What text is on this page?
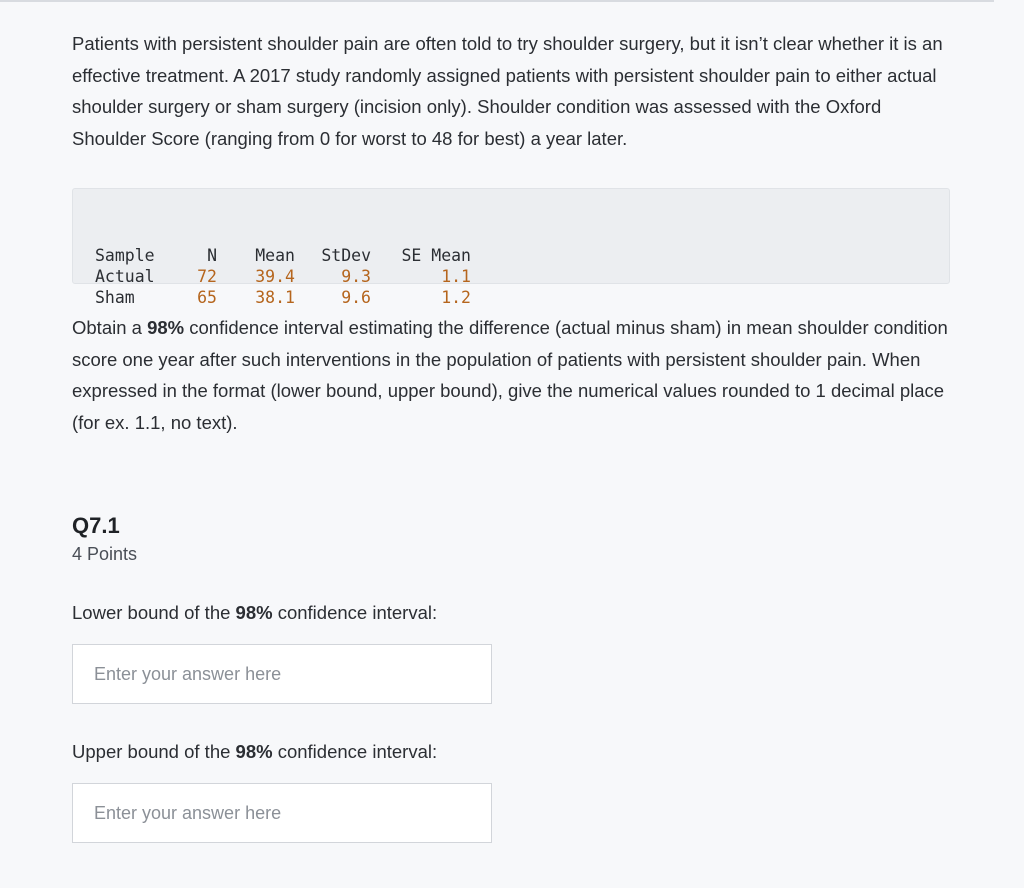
Patients with persistent shoulder pain are often told to try shoulder surgery, but it isn’t clear whether it is an effective treatment. A 2017 study randomly assigned patients with persistent shoulder pain to either actual shoulder surgery or sham surgery (incision only). Shoulder condition was assessed with the Oxford Shoulder Score (ranging from 0 for worst to 48 for best) a year later.

Sample	N	Mean	StDev	SE Mean
Actual	72	39.4	9.3	1.1
Sham	65	38.1	9.6	1.2

Obtain a 98% confidence interval estimating the difference (actual minus sham) in mean shoulder condition score one year after such interventions in the population of patients with persistent shoulder pain. When expressed in the format (lower bound, upper bound), give the numerical values rounded to 1 decimal place (for ex. 1.1, no text).

Q7.1
4 Points
Lower bound of the 98% confidence interval:
Enter your answer here
Upper bound of the 98% confidence interval:
Enter your answer here
